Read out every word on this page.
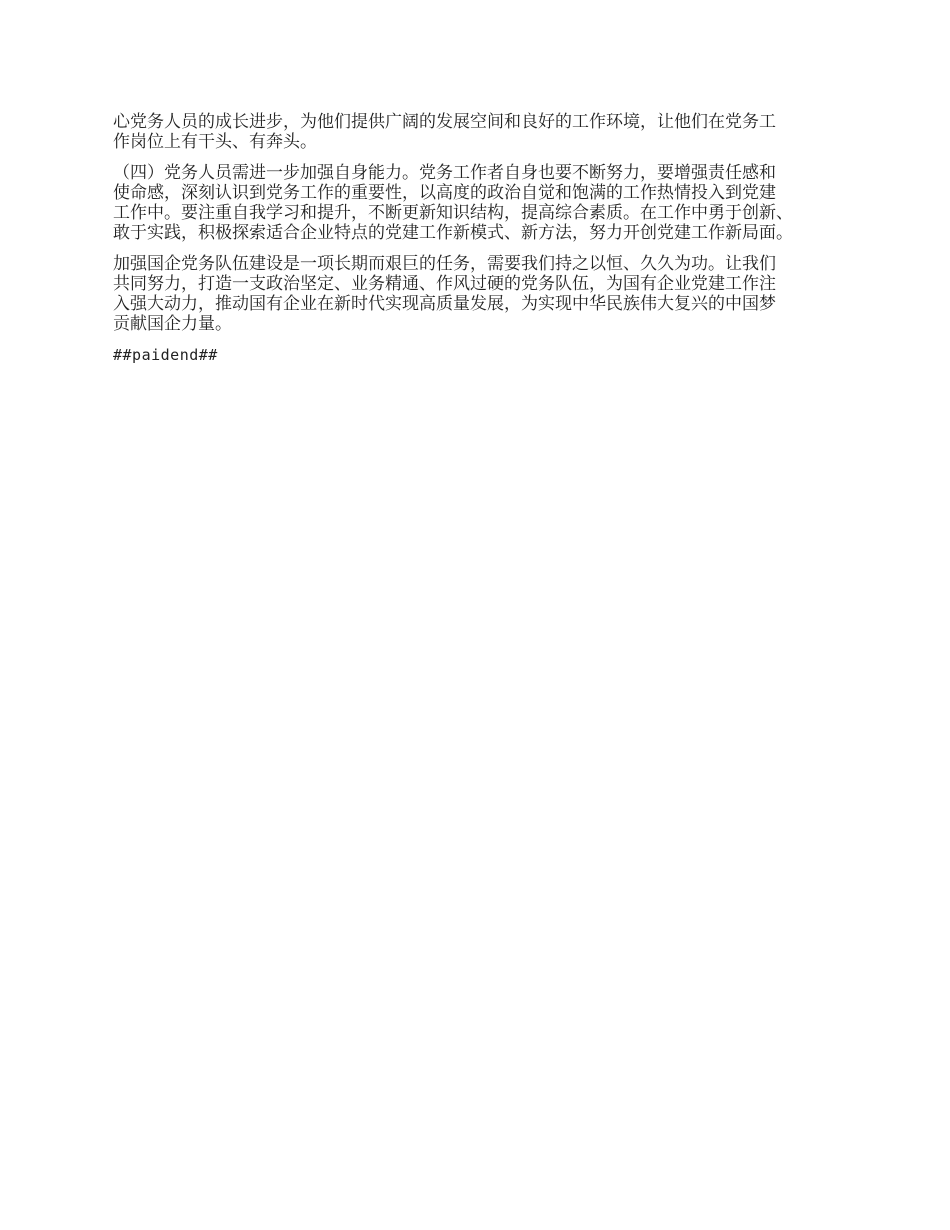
心党务人员的成长进步，为他们提供广阔的发展空间和良好的工作环境，让他们在党务工
作岗位上有干头、有奔头。

（四）党务人员需进一步加强自身能力。党务工作者自身也要不断努力，要增强责任感和
使命感，深刻认识到党务工作的重要性，以高度的政治自觉和饱满的工作热情投入到党建
工作中。要注重自我学习和提升，不断更新知识结构，提高综合素质。在工作中勇于创新、
敢于实践，积极探索适合企业特点的党建工作新模式、新方法，努力开创党建工作新局面。

加强国企党务队伍建设是一项长期而艰巨的任务，需要我们持之以恒、久久为功。让我们
共同努力，打造一支政治坚定、业务精通、作风过硬的党务队伍，为国有企业党建工作注
入强大动力，推动国有企业在新时代实现高质量发展，为实现中华民族伟大复兴的中国梦
贡献国企力量。

##paidend##
